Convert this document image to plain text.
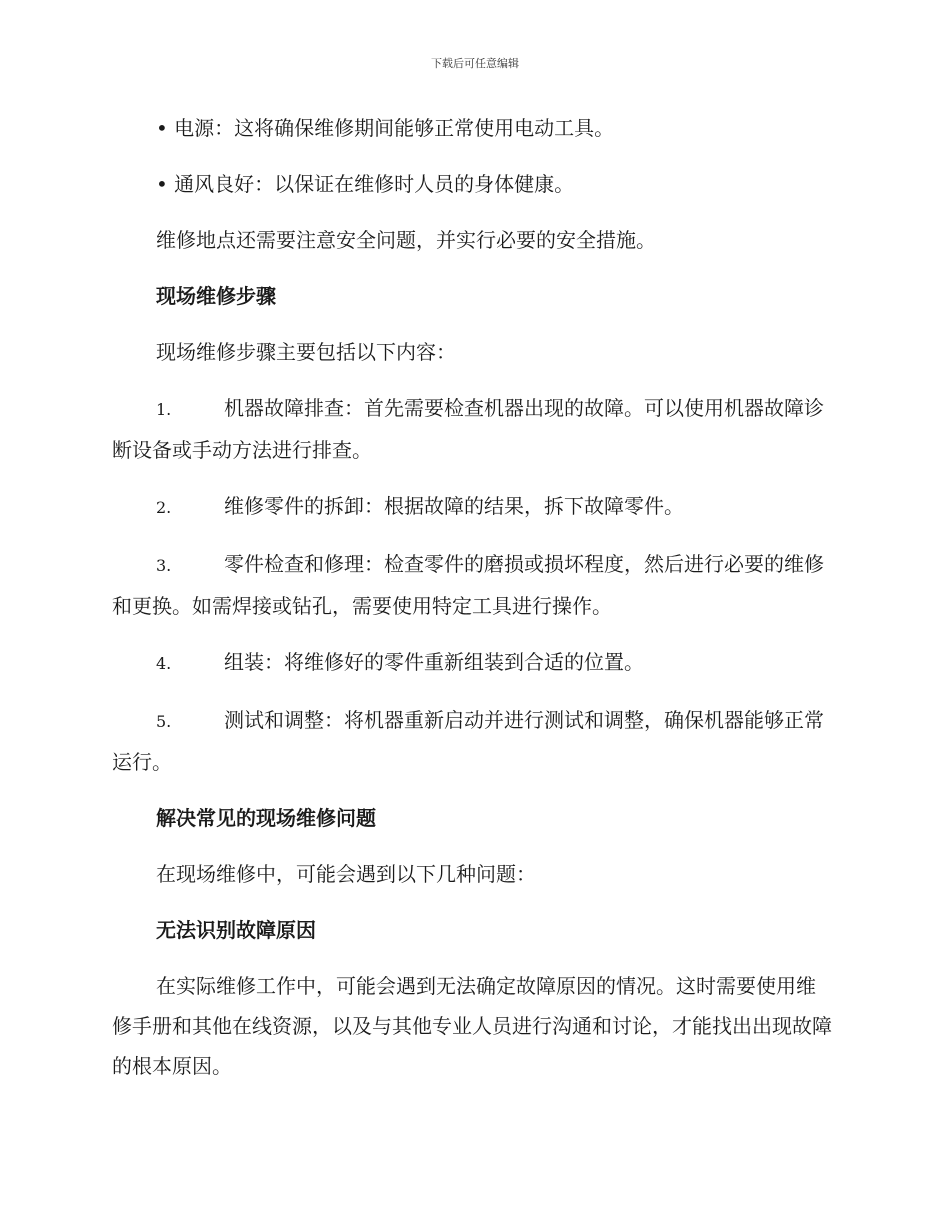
下载后可任意编辑

• 电源：这将确保维修期间能够正常使用电动工具。

• 通风良好：以保证在维修时人员的身体健康。

维修地点还需要注意安全问题，并实行必要的安全措施。

现场维修步骤

现场维修步骤主要包括以下内容：

1.	机器故障排查：首先需要检查机器出现的故障。可以使用机器故障诊断设备或手动方法进行排查。

2.	维修零件的拆卸：根据故障的结果，拆下故障零件。

3.	零件检查和修理：检查零件的磨损或损坏程度，然后进行必要的维修和更换。如需焊接或钻孔，需要使用特定工具进行操作。

4.	组装：将维修好的零件重新组装到合适的位置。

5.	测试和调整：将机器重新启动并进行测试和调整，确保机器能够正常运行。

解决常见的现场维修问题

在现场维修中，可能会遇到以下几种问题：

无法识别故障原因

在实际维修工作中，可能会遇到无法确定故障原因的情况。这时需要使用维修手册和其他在线资源，以及与其他专业人员进行沟通和讨论，才能找出出现故障的根本原因。
